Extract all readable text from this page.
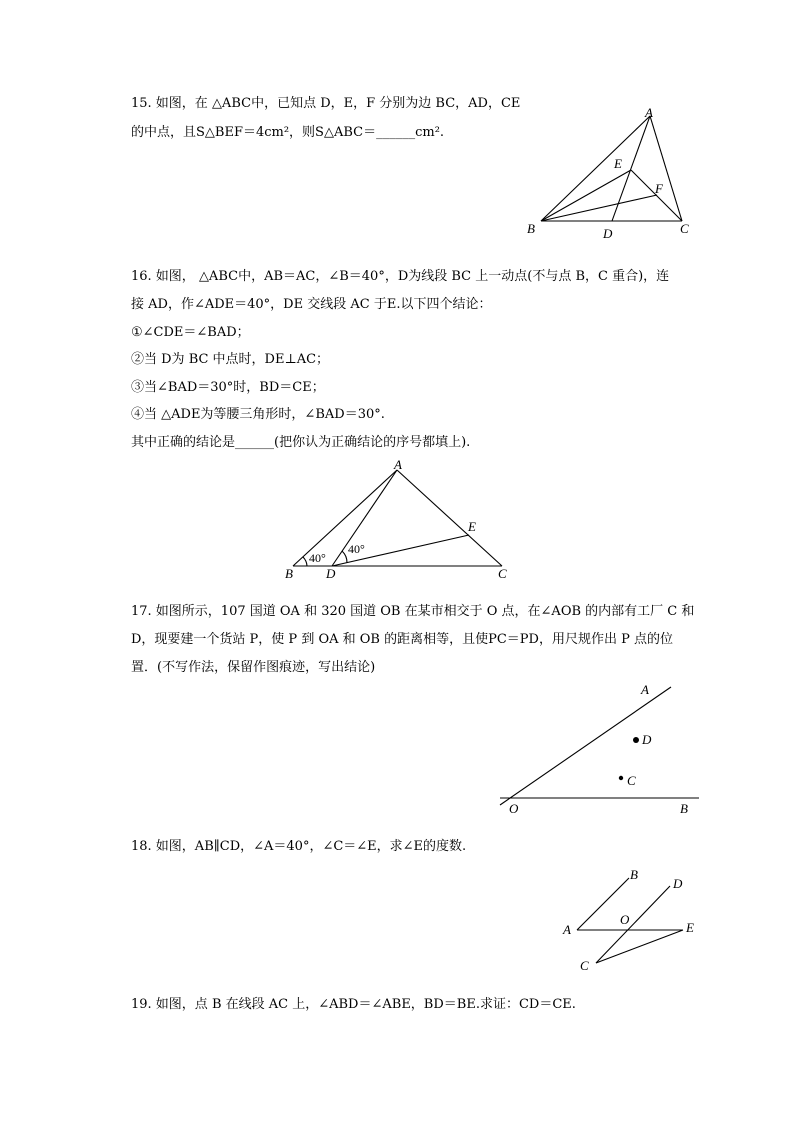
15. 如图，在 △ABC中，已知点 D，E，F 分别为边 BC，AD，CE
的中点，且S△BEF＝4cm²，则S△ABC＝______cm².
A
B	C
D
E
F
16. 如图， △ABC中，AB＝AC，∠B＝40°，D为线段 BC 上一动点(不与点 B，C 重合)，连
接 AD，作∠ADE＝40°，DE 交线段 AC 于E.以下四个结论：
①∠CDE＝∠BAD；
②当 D为 BC 中点时，DE⊥AC；
③当∠BAD＝30°时，BD＝CE；
④当 △ADE为等腰三角形时，∠BAD＝30°.
其中正确的结论是______(把你认为正确结论的序号都填上).
A
B	C
D
E
40°
40°
17. 如图所示，107 国道 OA 和 320 国道 OB 在某市相交于 O 点，在∠AOB 的内部有工厂 C 和
D，现要建一个货站 P，使 P 到 OA 和 OB 的距离相等，且使PC＝PD，用尺规作出 P 点的位
置．(不写作法，保留作图痕迹，写出结论)
A
O	B
D
C
18. 如图，AB∥CD，∠A＝40°，∠C＝∠E，求∠E的度数.
A
B
C
D
E
O
19. 如图，点 B 在线段 AC 上，∠ABD＝∠ABE，BD＝BE.求证：CD＝CE.
